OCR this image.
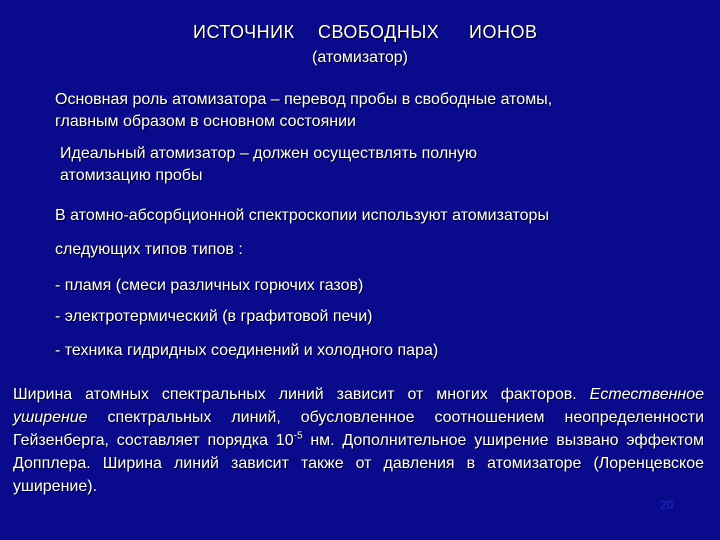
ИСТОЧНИК СВОБОДНЫХ ИОНОВ
(атомизатор)
Основная роль атомизатора – перевод пробы в свободные атомы,
главным образом в основном состоянии
Идеальный атомизатор – должен осуществлять полную
атомизацию пробы
В атомно-абсорбционной спектроскопии используют атомизаторы
следующих типов типов :
- пламя (смеси различных горючих газов)
- электротермический (в графитовой печи)
- техника гидридных соединений и холодного пара)
Ширина атомных спектральных линий зависит от многих факторов. Естественное уширение спектральных линий, обусловленное соотношением неопределенности Гейзенберга, составляет порядка $10^{-5}$ нм. Дополнительное уширение вызвано эффектом Допплера. Ширина линий зависит также от давления в атомизаторе (Лоренцевское уширение).
20
